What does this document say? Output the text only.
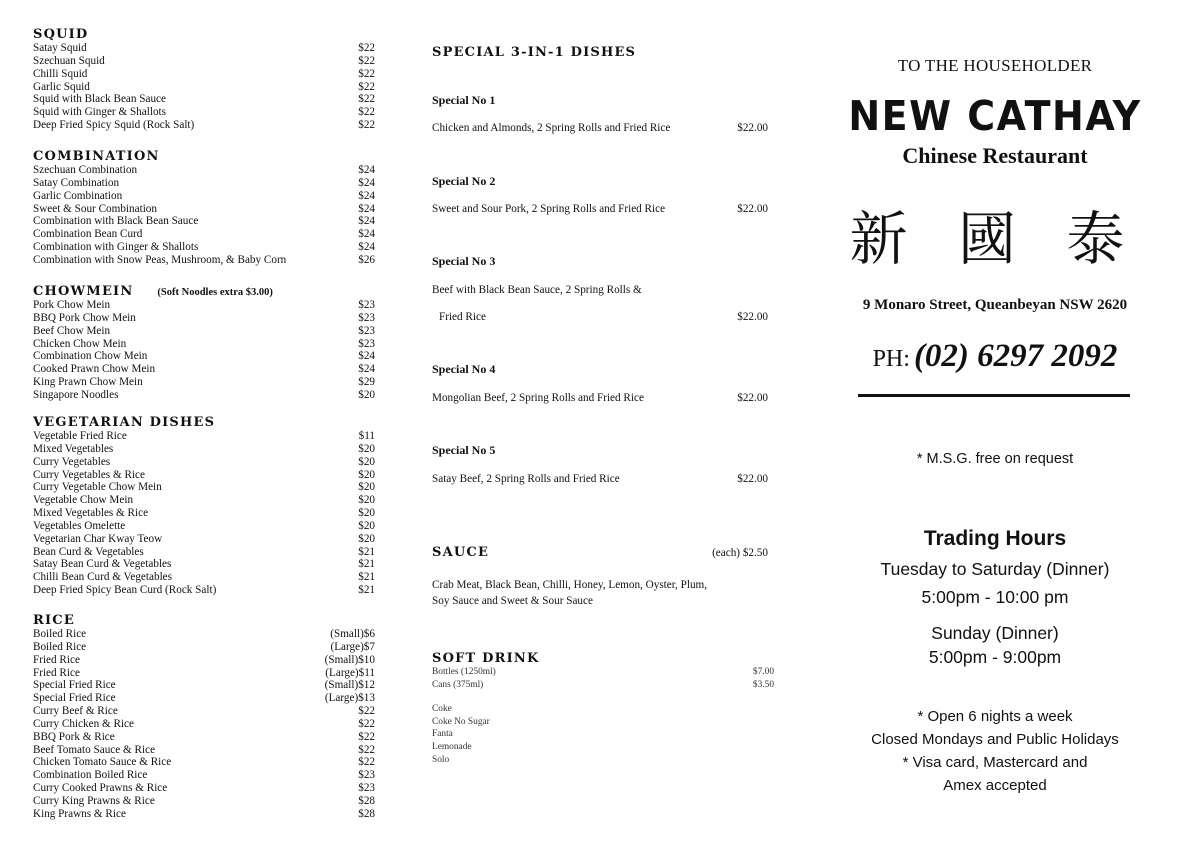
SQUID
Satay Squid	$22
Szechuan Squid	$22
Chilli Squid	$22
Garlic Squid	$22
Squid with Black Bean Sauce	$22
Squid with Ginger & Shallots	$22
Deep Fried Spicy Squid (Rock Salt)	$22
COMBINATION
Szechuan Combination	$24
Satay Combination	$24
Garlic Combination	$24
Sweet & Sour Combination	$24
Combination with Black Bean Sauce	$24
Combination Bean Curd	$24
Combination with Ginger & Shallots	$24
Combination with Snow Peas, Mushroom, & Baby Corn	$26
CHOWMEIN (Soft Noodles extra $3.00)
Pork Chow Mein	$23
BBQ Pork Chow Mein	$23
Beef Chow Mein	$23
Chicken Chow Mein	$23
Combination Chow Mein	$24
Cooked Prawn Chow Mein	$24
King Prawn Chow Mein	$29
Singapore Noodles	$20
VEGETARIAN DISHES
Vegetable Fried Rice	$11
Mixed Vegetables	$20
Curry Vegetables	$20
Curry Vegetables & Rice	$20
Curry Vegetable Chow Mein	$20
Vegetable Chow Mein	$20
Mixed Vegetables & Rice	$20
Vegetables Omelette	$20
Vegetarian Char Kway Teow	$20
Bean Curd & Vegetables	$21
Satay Bean Curd & Vegetables	$21
Chilli Bean Curd & Vegetables	$21
Deep Fried Spicy Bean Curd (Rock Salt)	$21
RICE
Boiled Rice	(Small)$6
Boiled Rice	(Large)$7
Fried Rice	(Small)$10
Fried Rice	(Large)$11
Special Fried Rice	(Small)$12
Special Fried Rice	(Large)$13
Curry Beef & Rice	$22
Curry Chicken & Rice	$22
BBQ Pork & Rice	$22
Beef Tomato Sauce & Rice	$22
Chicken Tomato Sauce & Rice	$22
Combination Boiled Rice	$23
Curry Cooked Prawns & Rice	$23
Curry King Prawns & Rice	$28
King Prawns & Rice	$28
SPECIAL 3-IN-1 DISHES
Special No 1
Chicken and Almonds, 2 Spring Rolls and Fried Rice	$22.00
Special No 2
Sweet and Sour Pork, 2 Spring Rolls and Fried Rice	$22.00
Special No 3
Beef with Black Bean Sauce, 2 Spring Rolls &
Fried Rice	$22.00
Special No 4
Mongolian Beef, 2 Spring Rolls and Fried Rice	$22.00
Special No 5
Satay Beef, 2 Spring Rolls and Fried Rice	$22.00
SAUCE	(each) $2.50
Crab Meat, Black Bean, Chilli, Honey, Lemon, Oyster, Plum,
Soy Sauce and Sweet & Sour Sauce
SOFT DRINK
Bottles (1250ml)	$7.00
Cans (375ml)	$3.50
Coke
Coke No Sugar
Fanta
Lemonade
Solo
TO THE HOUSEHOLDER
NEW CATHAY
Chinese Restaurant
新 國 泰
9 Monaro Street, Queanbeyan NSW 2620
PH: (02) 6297 2092
* M.S.G. free on request
Trading Hours
Tuesday to Saturday (Dinner)
5:00pm - 10:00 pm
Sunday (Dinner)
5:00pm - 9:00pm
* Open 6 nights a week
Closed Mondays and Public Holidays
* Visa card, Mastercard and
Amex accepted
